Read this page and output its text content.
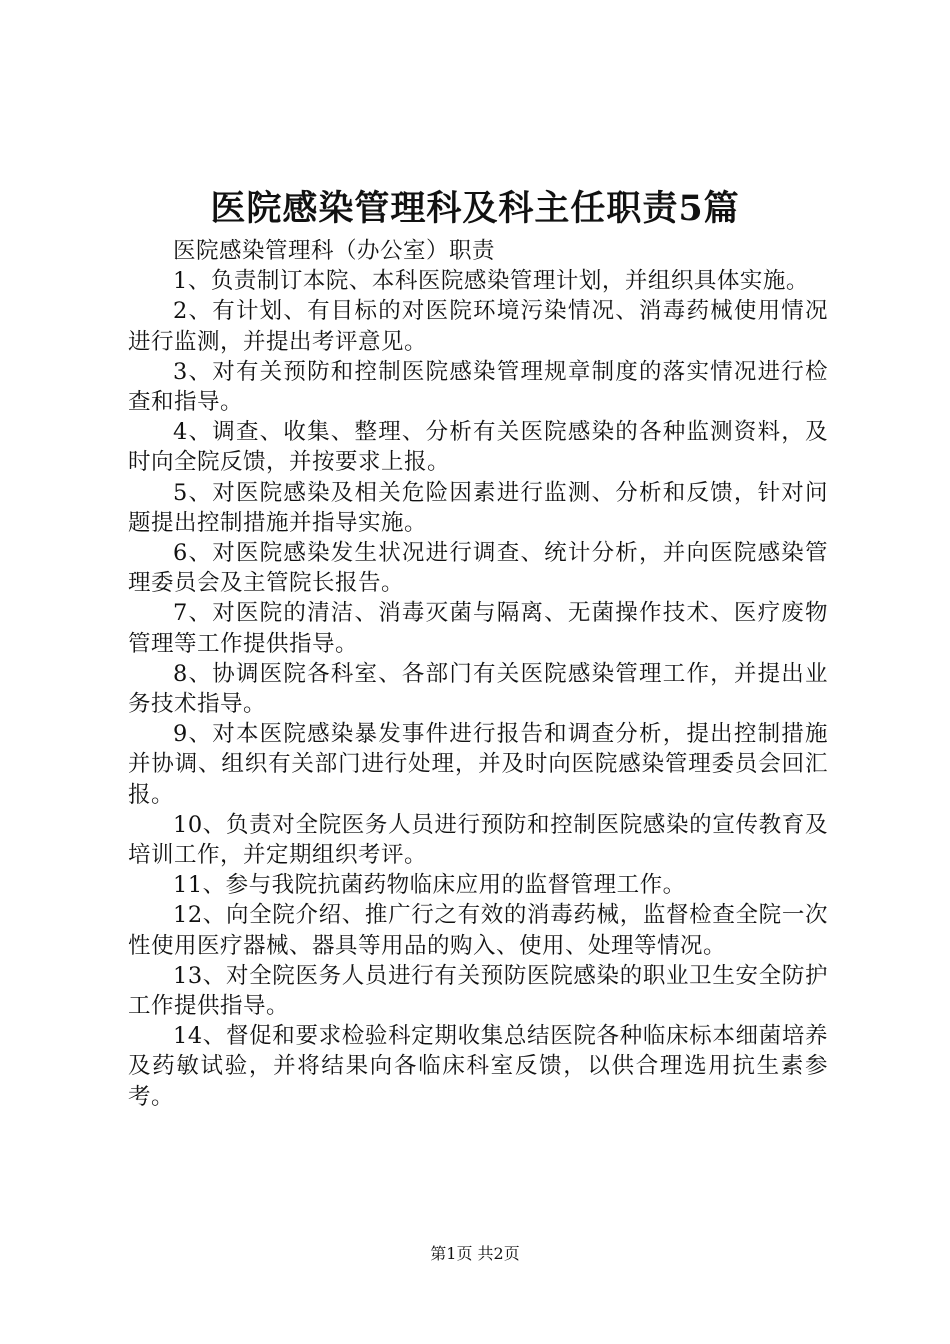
医院感染管理科及科主任职责5篇

医院感染管理科（办公室）职责

1、负责制订本院、本科医院感染管理计划，并组织具体实施。

2、有计划、有目标的对医院环境污染情况、消毒药械使用情况进行监测，并提出考评意见。

3、对有关预防和控制医院感染管理规章制度的落实情况进行检查和指导。

4、调查、收集、整理、分析有关医院感染的各种监测资料，及时向全院反馈，并按要求上报。

5、对医院感染及相关危险因素进行监测、分析和反馈，针对问题提出控制措施并指导实施。

6、对医院感染发生状况进行调查、统计分析，并向医院感染管理委员会及主管院长报告。

7、对医院的清洁、消毒灭菌与隔离、无菌操作技术、医疗废物管理等工作提供指导。

8、协调医院各科室、各部门有关医院感染管理工作，并提出业务技术指导。

9、对本医院感染暴发事件进行报告和调查分析，提出控制措施并协调、组织有关部门进行处理，并及时向医院感染管理委员会回汇报。

10、负责对全院医务人员进行预防和控制医院感染的宣传教育及培训工作，并定期组织考评。

11、参与我院抗菌药物临床应用的监督管理工作。

12、向全院介绍、推广行之有效的消毒药械，监督检查全院一次性使用医疗器械、器具等用品的购入、使用、处理等情况。

13、对全院医务人员进行有关预防医院感染的职业卫生安全防护工作提供指导。

14、督促和要求检验科定期收集总结医院各种临床标本细菌培养及药敏试验，并将结果向各临床科室反馈，以供合理选用抗生素参考。

第1页 共2页
